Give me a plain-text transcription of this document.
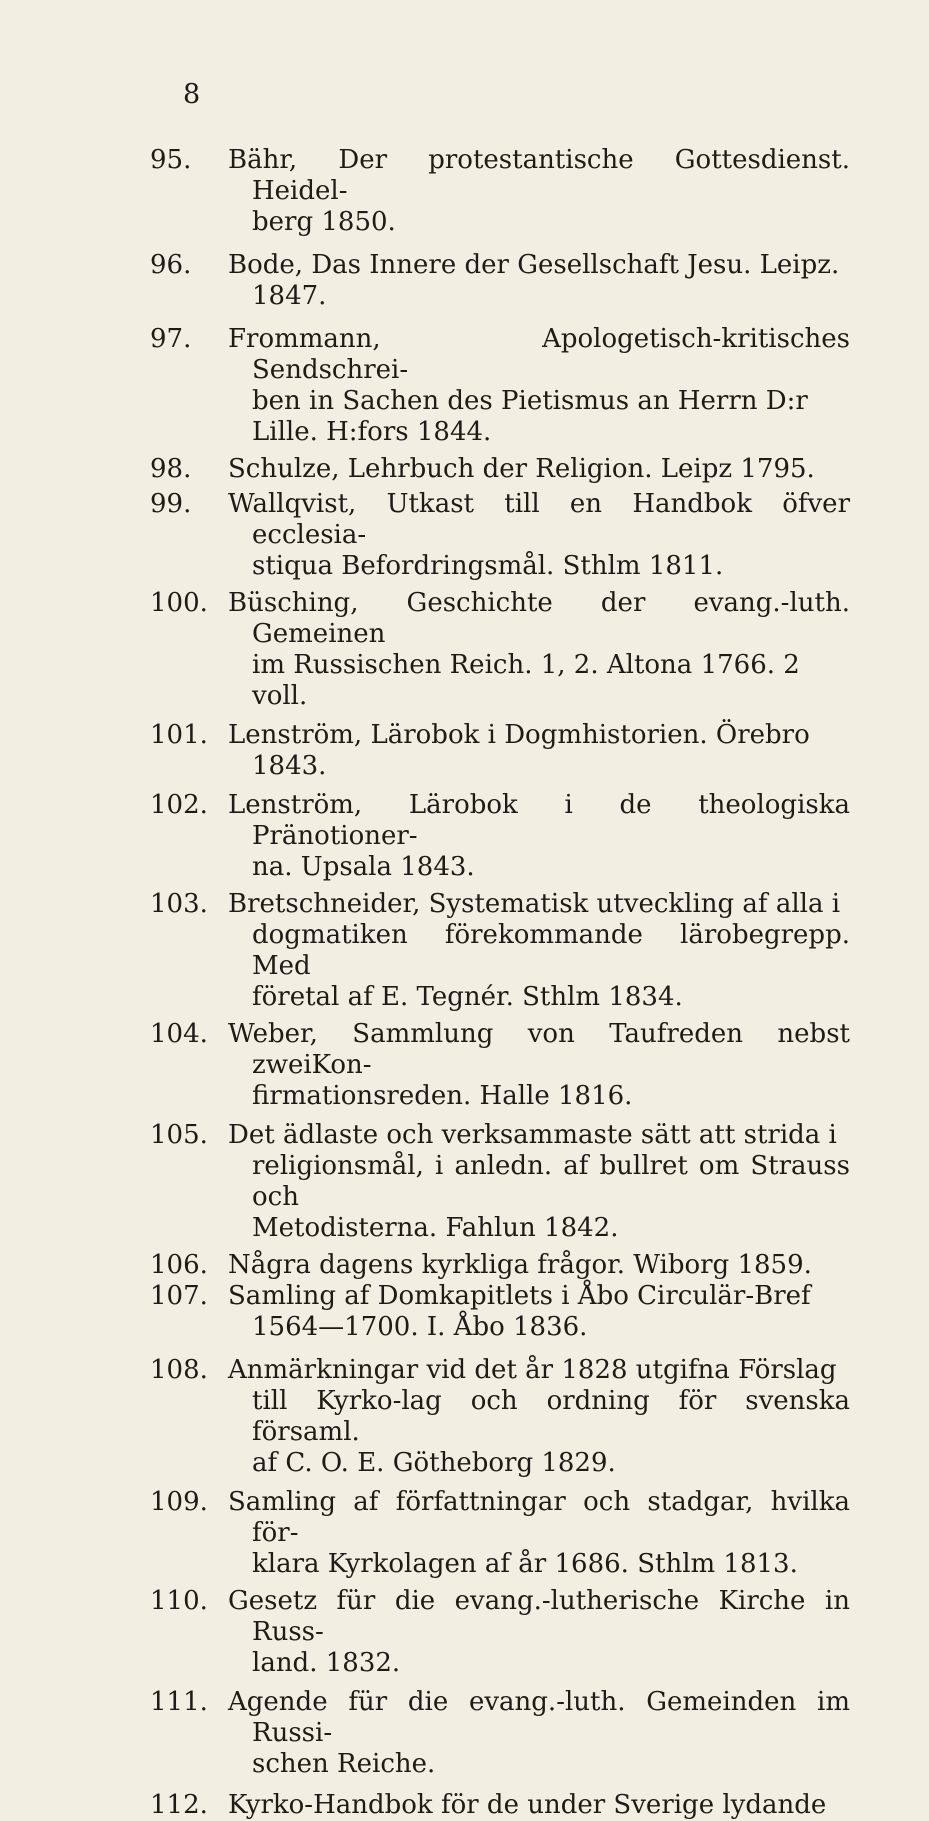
8
95.	Bähr, Der protestantische Gottesdienst. Heidel-
berg 1850.
96.	Bode, Das Innere der Gesellschaft Jesu. Leipz.
1847.
97.	Frommann, Apologetisch-kritisches Sendschrei-
ben in Sachen des Pietismus an Herrn D:r
Lille. H:fors 1844.
98.	Schulze, Lehrbuch der Religion. Leipz 1795.
99.	Wallqvist, Utkast till en Handbok öfver ecclesia-
stiqua Befordringsmål. Sthlm 1811.
100. Büsching, Geschichte der evang.-luth. Gemeinen
im Russischen Reich. 1, 2. Altona 1766. 2
voll.
101. Lenström, Lärobok i Dogmhistorien. Örebro
1843.
102. Lenström, Lärobok i de theologiska Pränotioner-
na. Upsala 1843.
103. Bretschneider, Systematisk utveckling af alla i
dogmatiken förekommande lärobegrepp. Med
företal af E. Tegnér. Sthlm 1834.
104. Weber, Sammlung von Taufreden nebst zweiKon-
firmationsreden. Halle 1816.
105. Det ädlaste och verksammaste sätt att strida i
religionsmål, i anledn. af bullret om Strauss och
Metodisterna. Fahlun 1842.
106. Några dagens kyrkliga frågor. Wiborg 1859.
107. Samling af Domkapitlets i Åbo Circulär-Bref
1564—1700. I. Åbo 1836.
108. Anmärkningar vid det år 1828 utgifna Förslag
till Kyrko-lag och ordning för svenska församl.
af C. O. E. Götheborg 1829.
109. Samling af författningar och stadgar, hvilka för-
klara Kyrkolagen af år 1686. Sthlm 1813.
110. Gesetz für die evang.-lutherische Kirche in Russ-
land. 1832.
111. Agende für die evang.-luth. Gemeinden im Russi-
schen Reiche.
112. Kyrko-Handbok för de under Sverige lydande
